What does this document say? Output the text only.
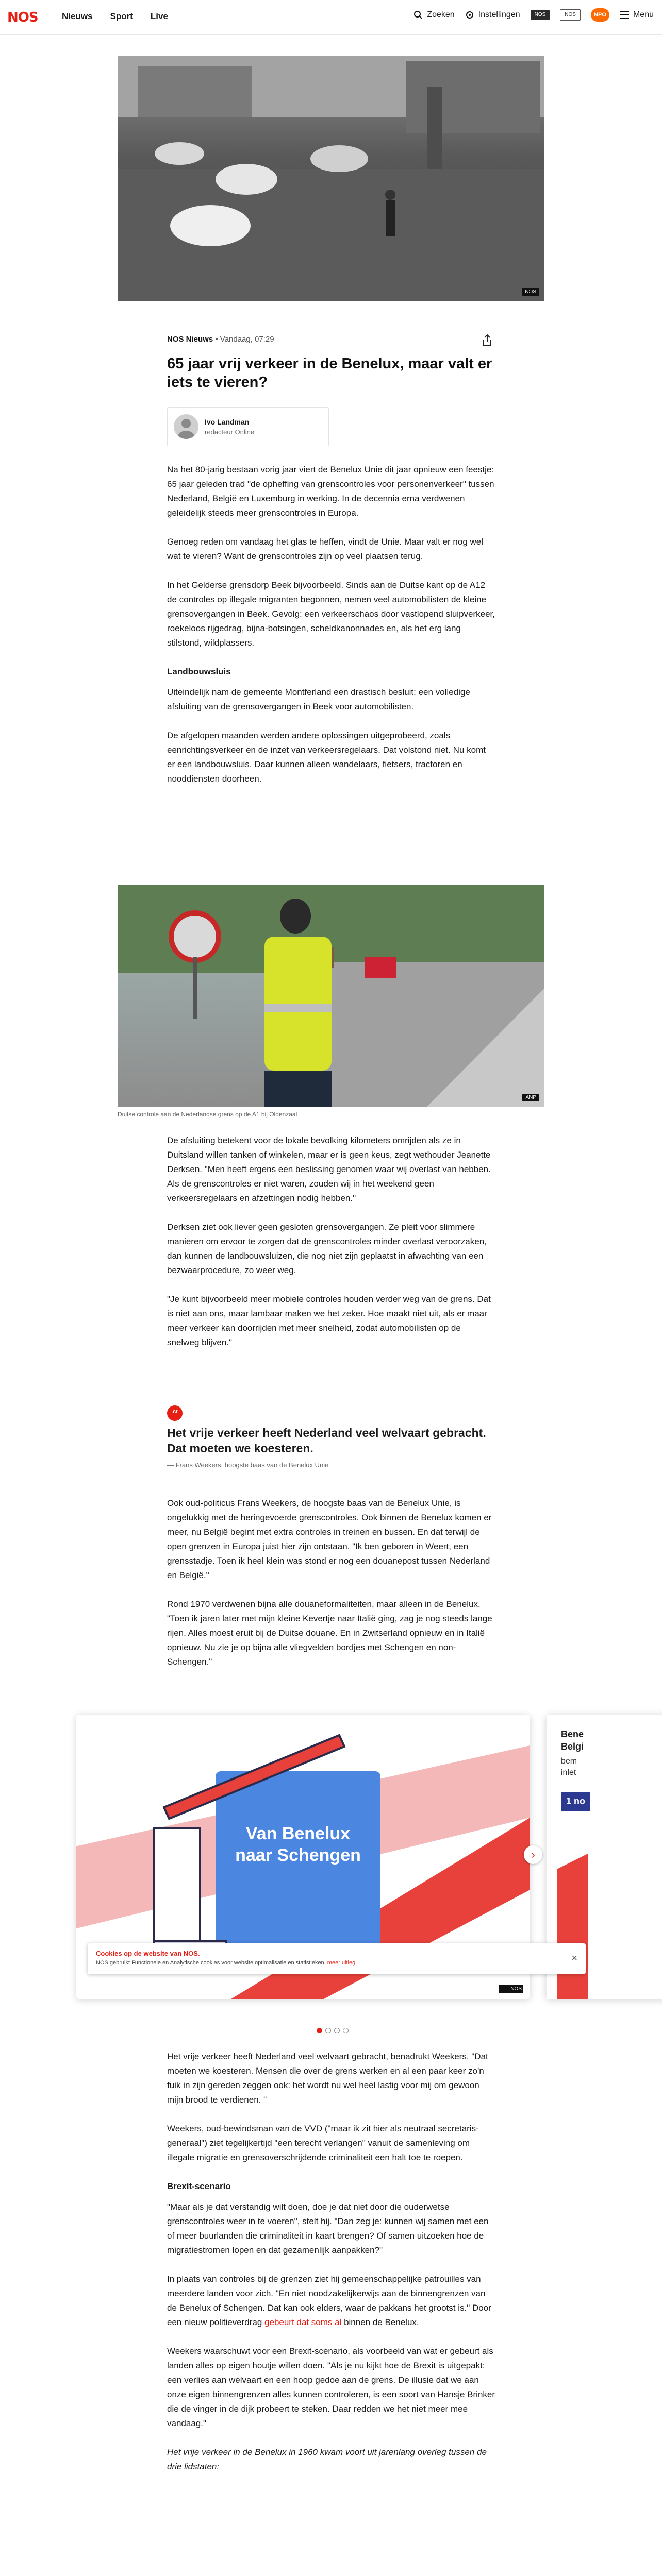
NOS	Nieuws Sport Live	Zoeken	Instellingen	NOS	NOS	NPO	Menu
NOS
NOS Nieuws • Vandaag, 07:29
65 jaar vrij verkeer in de Benelux, maar valt er iets te vieren?
Ivo Landman
redacteur Online

Na het 80-jarig bestaan vorig jaar viert de Benelux Unie dit jaar opnieuw een feestje: 65 jaar geleden trad "de opheffing van grenscontroles voor personenverkeer" tussen Nederland, België en Luxemburg in werking. In de decennia erna verdwenen geleidelijk steeds meer grenscontroles in Europa.

Genoeg reden om vandaag het glas te heffen, vindt de Unie. Maar valt er nog wel wat te vieren? Want de grenscontroles zijn op veel plaatsen terug.

In het Gelderse grensdorp Beek bijvoorbeeld. Sinds aan de Duitse kant op de A12 de controles op illegale migranten begonnen, nemen veel automobilisten de kleine grensovergangen in Beek. Gevolg: een verkeerschaos door vastlopend sluipverkeer, roekeloos rijgedrag, bijna-botsingen, scheldkanonnades en, als het erg lang stilstond, wildplassers.

Landbouwsluis

Uiteindelijk nam de gemeente Montferland een drastisch besluit: een volledige afsluiting van de grensovergangen in Beek voor automobilisten.

De afgelopen maanden werden andere oplossingen uitgeprobeerd, zoals eenrichtingsverkeer en de inzet van verkeersregelaars. Dat volstond niet. Nu komt er een landbouwsluis. Daar kunnen alleen wandelaars, fietsers, tractoren en nooddiensten doorheen.

ANP
Duitse controle aan de Nederlandse grens op de A1 bij Oldenzaal

De afsluiting betekent voor de lokale bevolking kilometers omrijden als ze in Duitsland willen tanken of winkelen, maar er is geen keus, zegt wethouder Jeanette Derksen. "Men heeft ergens een beslissing genomen waar wij overlast van hebben. Als de grenscontroles er niet waren, zouden wij in het weekend geen verkeersregelaars en afzettingen nodig hebben."

Derksen ziet ook liever geen gesloten grensovergangen. Ze pleit voor slimmere manieren om ervoor te zorgen dat de grenscontroles minder overlast veroorzaken, dan kunnen de landbouwsluizen, die nog niet zijn geplaatst in afwachting van een bezwaarprocedure, zo weer weg.

"Je kunt bijvoorbeeld meer mobiele controles houden verder weg van de grens. Dat is niet aan ons, maar lambaar maken we het zeker. Hoe maakt niet uit, als er maar meer verkeer kan doorrijden met meer snelheid, zodat automobilisten op de snelweg blijven."

“
Het vrije verkeer heeft Nederland veel welvaart gebracht. Dat moeten we koesteren.
— Frans Weekers, hoogste baas van de Benelux Unie

Ook oud-politicus Frans Weekers, de hoogste baas van de Benelux Unie, is ongelukkig met de heringevoerde grenscontroles. Ook binnen de Benelux komen er meer, nu België begint met extra controles in treinen en bussen. En dat terwijl de open grenzen in Europa juist hier zijn ontstaan. "Ik ben geboren in Weert, een grensstadje. Toen ik heel klein was stond er nog een douanepost tussen Nederland en België."

Rond 1970 verdwenen bijna alle douaneformaliteiten, maar alleen in de Benelux. "Toen ik jaren later met mijn kleine Kevertje naar Italië ging, zag je nog steeds lange rijen. Alles moest eruit bij de Duitse douane. En in Zwitserland opnieuw en in Italië opnieuw. Nu zie je op bijna alle vliegvelden bordjes met Schengen en non-Schengen."

Van Benelux naar Schengen
NOS
Bene Belgi
bem inlet
1 no
›
Cookies op de website van NOS.
NOS gebruikt Functionele en Analytische cookies voor website optimalisatie en statistieken. meer uitleg	×

Het vrije verkeer heeft Nederland veel welvaart gebracht, benadrukt Weekers. "Dat moeten we koesteren. Mensen die over de grens werken en al een paar keer zo'n fuik in zijn gereden zeggen ook: het wordt nu wel heel lastig voor mij om gewoon mijn brood te verdienen. "

Weekers, oud-bewindsman van de VVD ("maar ik zit hier als neutraal secretaris-generaal") ziet tegelijkertijd "een terecht verlangen" vanuit de samenleving om illegale migratie en grensoverschrijdende criminaliteit een halt toe te roepen.

Brexit-scenario

"Maar als je dat verstandig wilt doen, doe je dat niet door die ouderwetse grenscontroles weer in te voeren", stelt hij. "Dan zeg je: kunnen wij samen met een of meer buurlanden die criminaliteit in kaart brengen? Of samen uitzoeken hoe de migratiestromen lopen en dat gezamenlijk aanpakken?"

In plaats van controles bij de grenzen ziet hij gemeenschappelijke patrouilles van meerdere landen voor zich. "En niet noodzakelijkerwijs aan de binnengrenzen van de Benelux of Schengen. Dat kan ook elders, waar de pakkans het grootst is." Door een nieuw politieverdrag gebeurt dat soms al binnen de Benelux.

Weekers waarschuwt voor een Brexit-scenario, als voorbeeld van wat er gebeurt als landen alles op eigen houtje willen doen. "Als je nu kijkt hoe de Brexit is uitgepakt: een verlies aan welvaart en een hoop gedoe aan de grens. De illusie dat we aan onze eigen binnengrenzen alles kunnen controleren, is een soort van Hansje Brinker die de vinger in de dijk probeert te steken. Daar redden we het niet meer mee vandaag."

Het vrije verkeer in de Benelux in 1960 kwam voort uit jarenlang overleg tussen de drie lidstaten:
